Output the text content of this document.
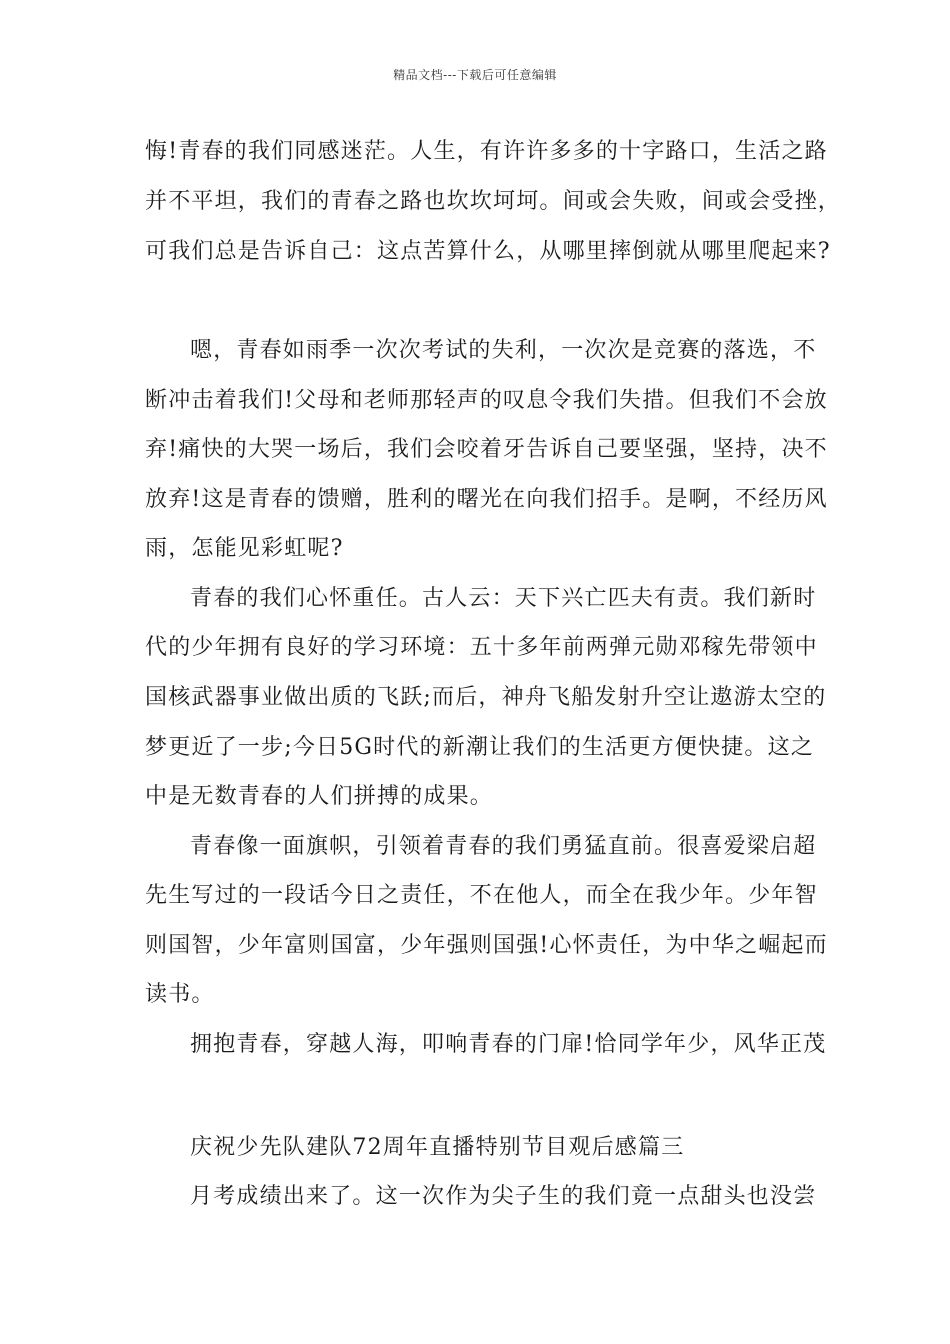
精品文档---下载后可任意编辑
悔!青春的我们同感迷茫。人生，有许许多多的十字路口，生活之路
并不平坦，我们的青春之路也坎坎坷坷。间或会失败，间或会受挫，
可我们总是告诉自己：这点苦算什么，从哪里摔倒就从哪里爬起来?
嗯，青春如雨季一次次考试的失利，一次次是竞赛的落选，不
断冲击着我们!父母和老师那轻声的叹息令我们失措。但我们不会放
弃!痛快的大哭一场后，我们会咬着牙告诉自己要坚强，坚持，决不
放弃!这是青春的馈赠，胜利的曙光在向我们招手。是啊，不经历风
雨，怎能见彩虹呢?
青春的我们心怀重任。古人云：天下兴亡匹夫有责。我们新时
代的少年拥有良好的学习环境：五十多年前两弹元勋邓稼先带领中
国核武器事业做出质的飞跃;而后，神舟飞船发射升空让遨游太空的
梦更近了一步;今日5G时代的新潮让我们的生活更方便快捷。这之
中是无数青春的人们拼搏的成果。
青春像一面旗帜，引领着青春的我们勇猛直前。很喜爱梁启超
先生写过的一段话今日之责任，不在他人，而全在我少年。少年智
则国智，少年富则国富，少年强则国强!心怀责任，为中华之崛起而
读书。
拥抱青春，穿越人海，叩响青春的门扉!恰同学年少，风华正茂
庆祝少先队建队72周年直播特别节目观后感篇三
月考成绩出来了。这一次作为尖子生的我们竟一点甜头也没尝
